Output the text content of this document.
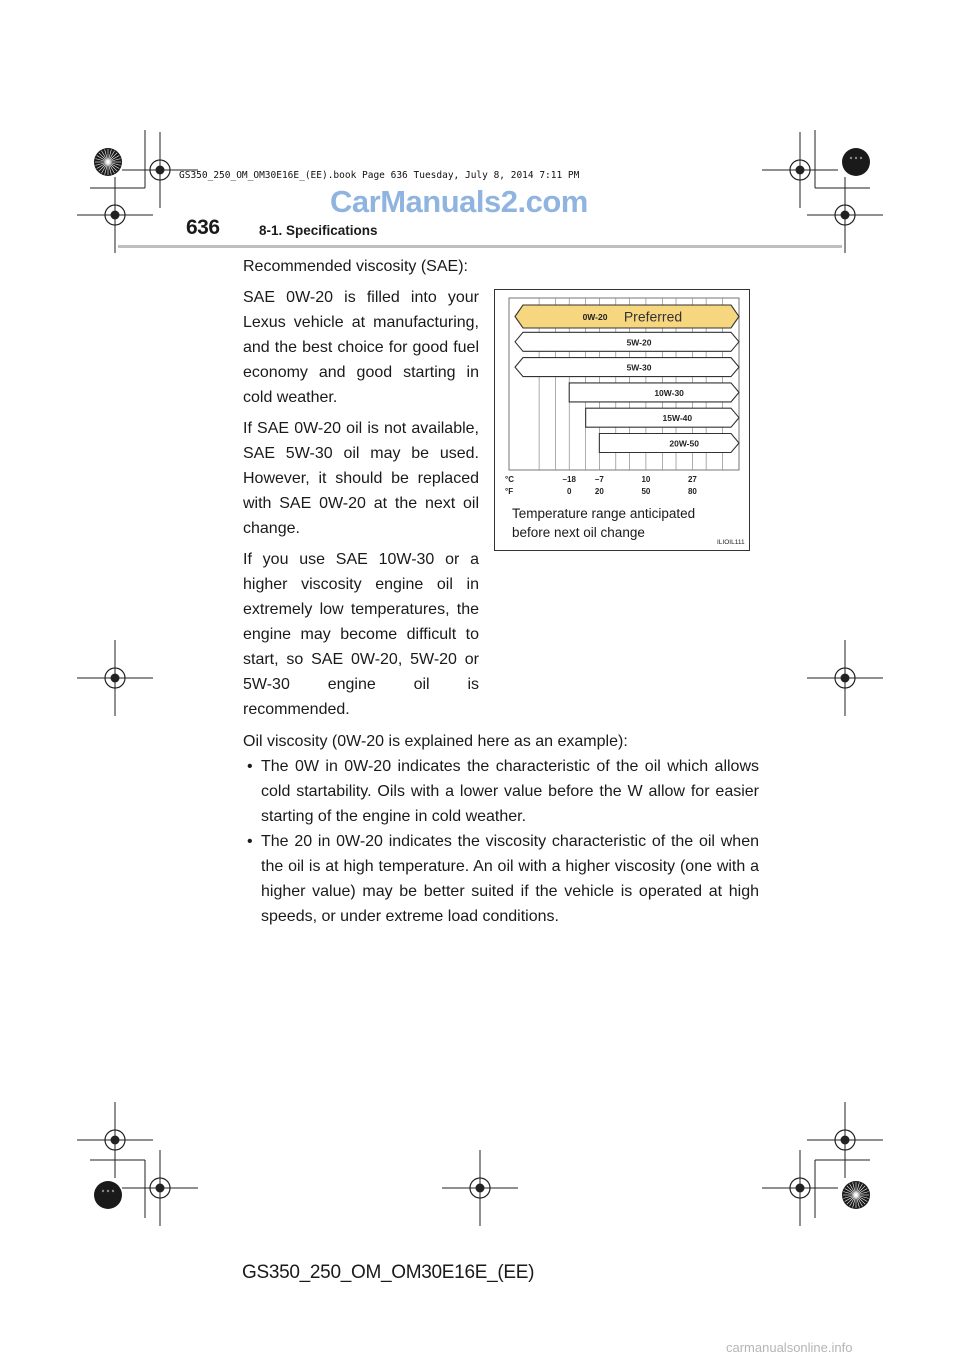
GS350_250_OM_OM30E16E_(EE).book Page 636 Tuesday, July 8, 2014 7:11 PM
CarManuals2.com
636	8-1. Specifications
Recommended viscosity (SAE):
SAE 0W-20 is filled into your Lexus vehicle at manufacturing, and the best choice for good fuel economy and good starting in cold weather.
If SAE 0W-20 oil is not available, SAE 5W-30 oil may be used. However, it should be replaced with SAE 0W-20 at the next oil change.
If you use SAE 10W-30 or a higher viscosity engine oil in extremely low temperatures, the engine may become difficult to start, so SAE 0W-20, 5W-20 or 5W-30 engine oil is recommended.
Oil viscosity (0W-20 is explained here as an example):
• The 0W in 0W-20 indicates the characteristic of the oil which allows cold startability. Oils with a lower value before the W allow for easier starting of the engine in cold weather.
• The 20 in 0W-20 indicates the viscosity characteristic of the oil when the oil is at high temperature. An oil with a higher viscosity (one with a higher value) may be better suited if the vehicle is operated at high speeds, or under extreme load conditions.
0W-20 Preferred
5W-20
5W-30
10W-30
15W-40
20W-50
°C
°F
–18
0
–7
20
10
50
27
80
Temperature range anticipated
before next oil change
ILIOIL111
GS350_250_OM_OM30E16E_(EE)
carmanualsonline.info
